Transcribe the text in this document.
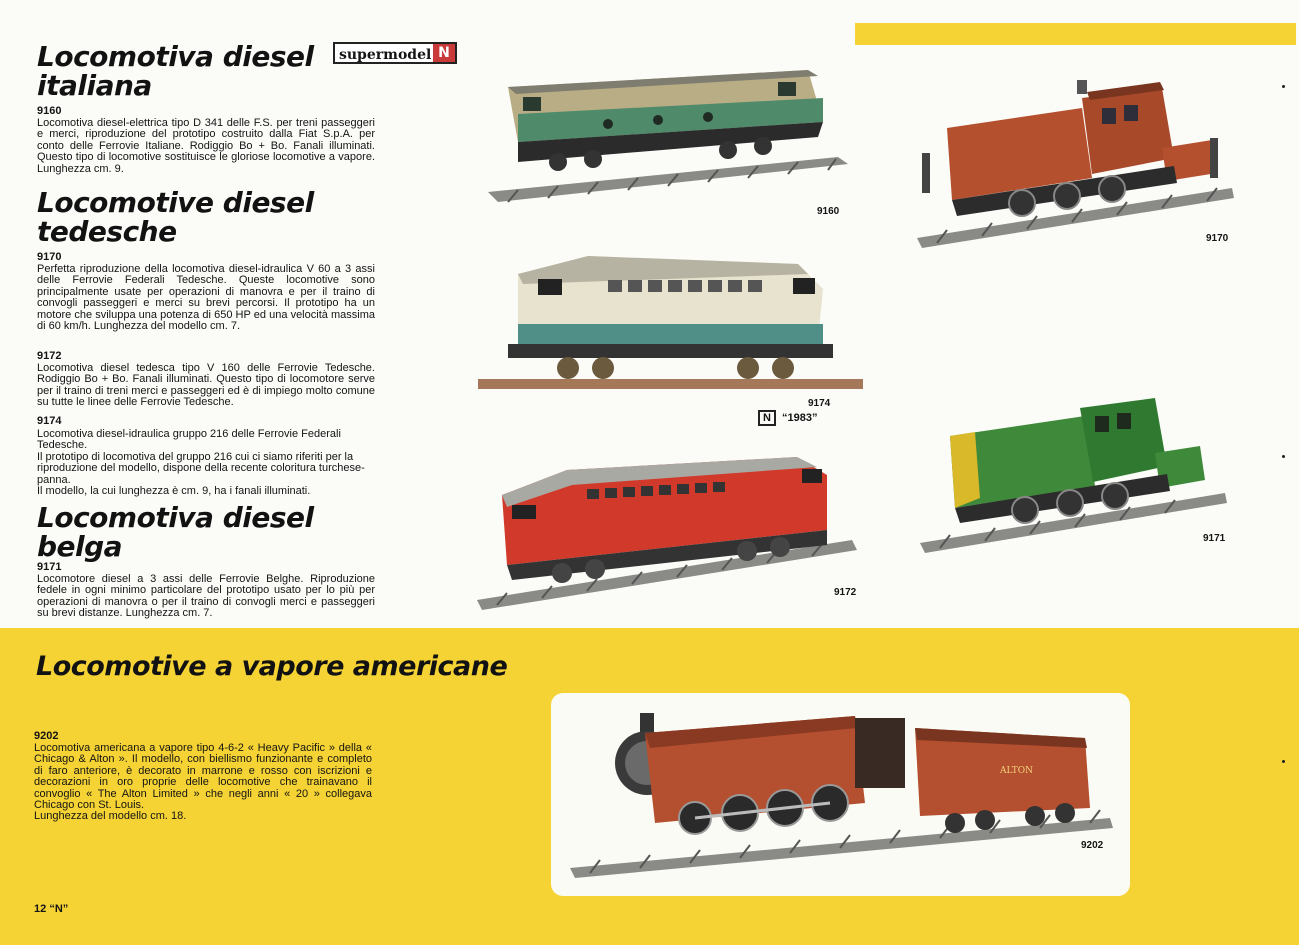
supermodel N
Locomotiva diesel
italiana
9160

Locomotiva diesel-elettrica tipo D 341 delle F.S. per treni passeggeri e merci, riproduzione del prototipo costruito dalla Fiat S.p.A. per conto delle Ferrovie Italiane. Rodiggio Bo + Bo. Fanali illuminati. Questo tipo di locomotive sostituisce le gloriose locomotive a vapore. Lunghezza cm. 9.

Locomotive diesel
tedesche
9170

Perfetta riproduzione della locomotiva diesel-idraulica V 60 a 3 assi delle Ferrovie Federali Tedesche. Queste locomotive sono principalmente usate per operazioni di manovra e per il traino di convogli passeggeri e merci su brevi percorsi. Il prototipo ha un motore che sviluppa una potenza di 650 HP ed una velocità massima di 60 km/h. Lunghezza del modello cm. 7.

9172

Locomotiva diesel tedesca tipo V 160 delle Ferrovie Tedesche. Rodiggio Bo + Bo. Fanali illuminati. Questo tipo di locomotore serve per il traino di treni merci e passeggeri ed è di impiego molto comune su tutte le linee delle Ferrovie Tedesche.

9174

Locomotiva diesel-idraulica gruppo 216 delle Ferrovie Federali Tedesche.

Il prototipo di locomotiva del gruppo 216 cui ci siamo riferiti per la riproduzione del modello, dispone della recente coloritura turchese-panna.

Il modello, la cui lunghezza è cm. 9, ha i fanali illuminati.

Locomotiva diesel
belga
9171

Locomotore diesel a 3 assi delle Ferrovie Belghe. Riproduzione fedele in ogni minimo particolare del prototipo usato per lo più per operazioni di manovra o per il traino di convogli merci e passeggeri su brevi distanze. Lunghezza cm. 7.

Locomotive a vapore americane
9202

Locomotiva americana a vapore tipo 4-6-2 « Heavy Pacific » della « Chicago & Alton ». Il modello, con biellismo funzionante e completo di faro anteriore, è decorato in marrone e rosso con iscrizioni e decorazioni in oro proprie delle locomotive che trainavano il convoglio « The Alton Limited » che negli anni « 20 » collegava Chicago con St. Louis.

Lunghezza del modello cm. 18.

12 “N”
9160
9170
9174
N “1983”
9171
9172
ALTON
9202
